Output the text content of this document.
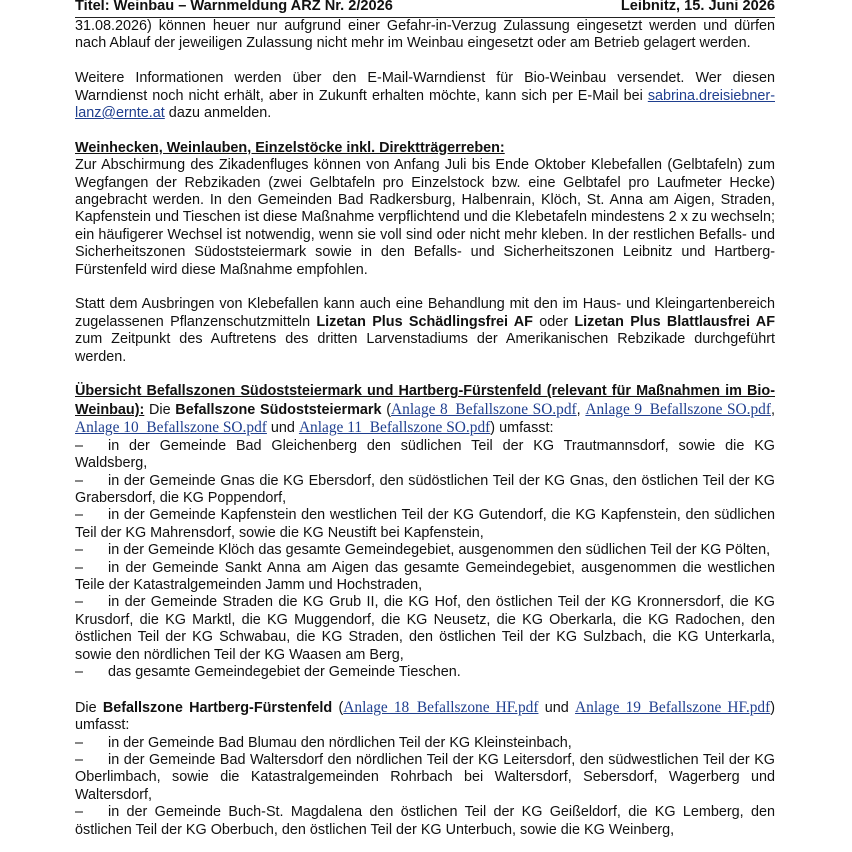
Titel: Weinbau – Warnmeldung ARZ Nr. 2/2026	Leibnitz, 15. Juni 2026

31.08.2026) können heuer nur aufgrund einer Gefahr-in-Verzug Zulassung eingesetzt werden und dürfen nach Ablauf der jeweiligen Zulassung nicht mehr im Weinbau eingesetzt oder am Betrieb gelagert werden.

Weitere Informationen werden über den E-Mail-Warndienst für Bio-Weinbau versendet. Wer diesen Warndienst noch nicht erhält, aber in Zukunft erhalten möchte, kann sich per E-Mail bei sabrina.dreisiebner-lanz@ernte.at dazu anmelden.

Weinhecken, Weinlauben, Einzelstöcke inkl. Direktträgerreben:

Zur Abschirmung des Zikadenfluges können von Anfang Juli bis Ende Oktober Klebefallen (Gelbtafeln) zum Wegfangen der Rebzikaden (zwei Gelbtafeln pro Einzelstock bzw. eine Gelbtafel pro Laufmeter Hecke) angebracht werden. In den Gemeinden Bad Radkersburg, Halbenrain, Klöch, St. Anna am Aigen, Straden, Kapfenstein und Tieschen ist diese Maßnahme verpflichtend und die Klebetafeln mindestens 2 x zu wechseln; ein häufigerer Wechsel ist notwendig, wenn sie voll sind oder nicht mehr kleben. In der restlichen Befalls- und Sicherheitszonen Südoststeiermark sowie in den Befalls- und Sicherheitszonen Leibnitz und Hartberg-Fürstenfeld wird diese Maßnahme empfohlen.

Statt dem Ausbringen von Klebefallen kann auch eine Behandlung mit den im Haus- und Kleingartenbereich zugelassenen Pflanzenschutzmitteln Lizetan Plus Schädlingsfrei AF oder Lizetan Plus Blattlausfrei AF zum Zeitpunkt des Auftretens des dritten Larvenstadiums der Amerikanischen Rebzikade durchgeführt werden.

Übersicht Befallszonen Südoststeiermark und Hartberg-Fürstenfeld (relevant für Maßnahmen im Bio-Weinbau): Die Befallszone Südoststeiermark (Anlage 8_Befallszone SO.pdf, Anlage 9_Befallszone SO.pdf, Anlage 10_Befallszone SO.pdf und Anlage 11_Befallszone SO.pdf) umfasst:

– in der Gemeinde Bad Gleichenberg den südlichen Teil der KG Trautmannsdorf, sowie die KG Waldsberg,

– in der Gemeinde Gnas die KG Ebersdorf, den südöstlichen Teil der KG Gnas, den östlichen Teil der KG Grabersdorf, die KG Poppendorf,

– in der Gemeinde Kapfenstein den westlichen Teil der KG Gutendorf, die KG Kapfenstein, den südlichen Teil der KG Mahrensdorf, sowie die KG Neustift bei Kapfenstein,

– in der Gemeinde Klöch das gesamte Gemeindegebiet, ausgenommen den südlichen Teil der KG Pölten,

– in der Gemeinde Sankt Anna am Aigen das gesamte Gemeindegebiet, ausgenommen die westlichen Teile der Katastralgemeinden Jamm und Hochstraden,

– in der Gemeinde Straden die KG Grub II, die KG Hof, den östlichen Teil der KG Kronnersdorf, die KG Krusdorf, die KG Marktl, die KG Muggendorf, die KG Neusetz, die KG Oberkarla, die KG Radochen, den östlichen Teil der KG Schwabau, die KG Straden, den östlichen Teil der KG Sulzbach, die KG Unterkarla, sowie den nördlichen Teil der KG Waasen am Berg,

– das gesamte Gemeindegebiet der Gemeinde Tieschen.

Die Befallszone Hartberg-Fürstenfeld (Anlage 18_Befallszone HF.pdf und Anlage 19_Befallszone HF.pdf) umfasst:

– in der Gemeinde Bad Blumau den nördlichen Teil der KG Kleinsteinbach,

– in der Gemeinde Bad Waltersdorf den nördlichen Teil der KG Leitersdorf, den südwestlichen Teil der KG Oberlimbach, sowie die Katastralgemeinden Rohrbach bei Waltersdorf, Sebersdorf, Wagerberg und Waltersdorf,

– in der Gemeinde Buch-St. Magdalena den östlichen Teil der KG Geißeldorf, die KG Lemberg, den östlichen Teil der KG Oberbuch, den östlichen Teil der KG Unterbuch, sowie die KG Weinberg,
